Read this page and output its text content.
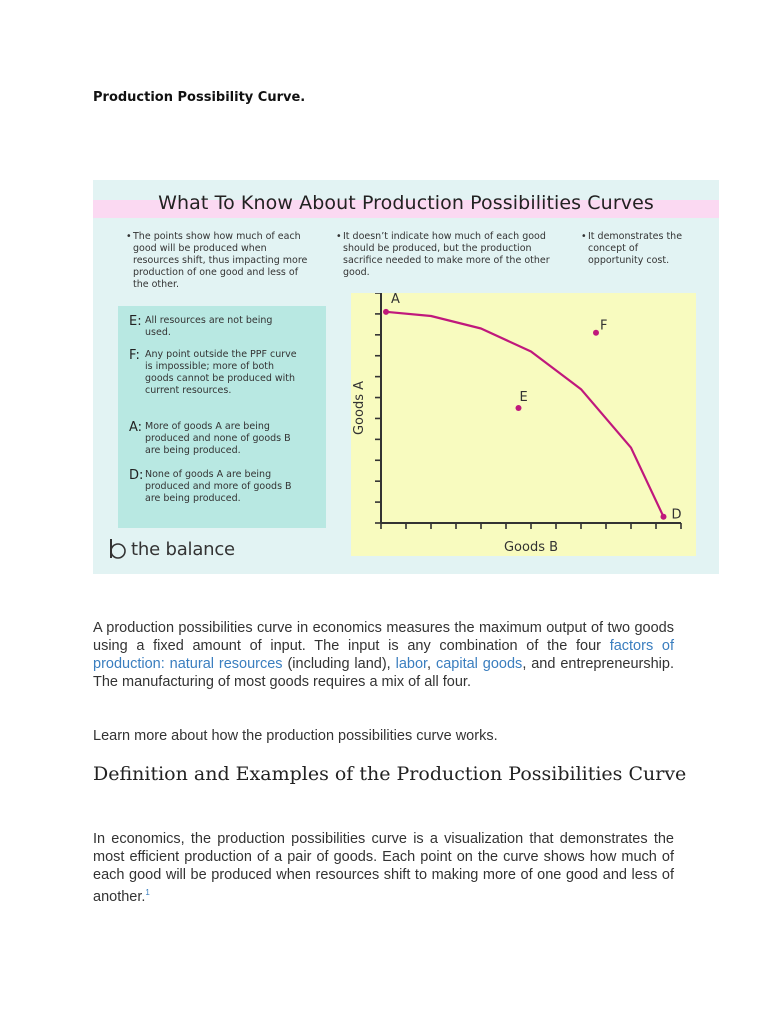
Production Possibility Curve.
What To Know About Production Possibilities Curves
• The points show how much of each good will be produced when resources shift, thus impacting more production of one good and less of the other.
• It doesn’t indicate how much of each good should be produced, but the production sacrifice needed to make more of the other good.
• It demonstrates the concept of opportunity cost.
E: All resources are not being used.
F: Any point outside the PPF curve is impossible; more of both goods cannot be produced with current resources.
A: More of goods A are being produced and none of goods B are being produced.
D: None of goods A are being produced and more of goods B are being produced.
the balance
A
F
E
D
Goods B
Goods A

A production possibilities curve in economics measures the maximum output of two goods using a fixed amount of input. The input is any combination of the four factors of production: natural resources (including land), labor, capital goods, and entrepreneurship. The manufacturing of most goods requires a mix of all four.

Learn more about how the production possibilities curve works.

Definition and Examples of the Production Possibilities Curve

In economics, the production possibilities curve is a visualization that demonstrates the most efficient production of a pair of goods. Each point on the curve shows how much of each good will be produced when resources shift to making more of one good and less of another.$^1$
